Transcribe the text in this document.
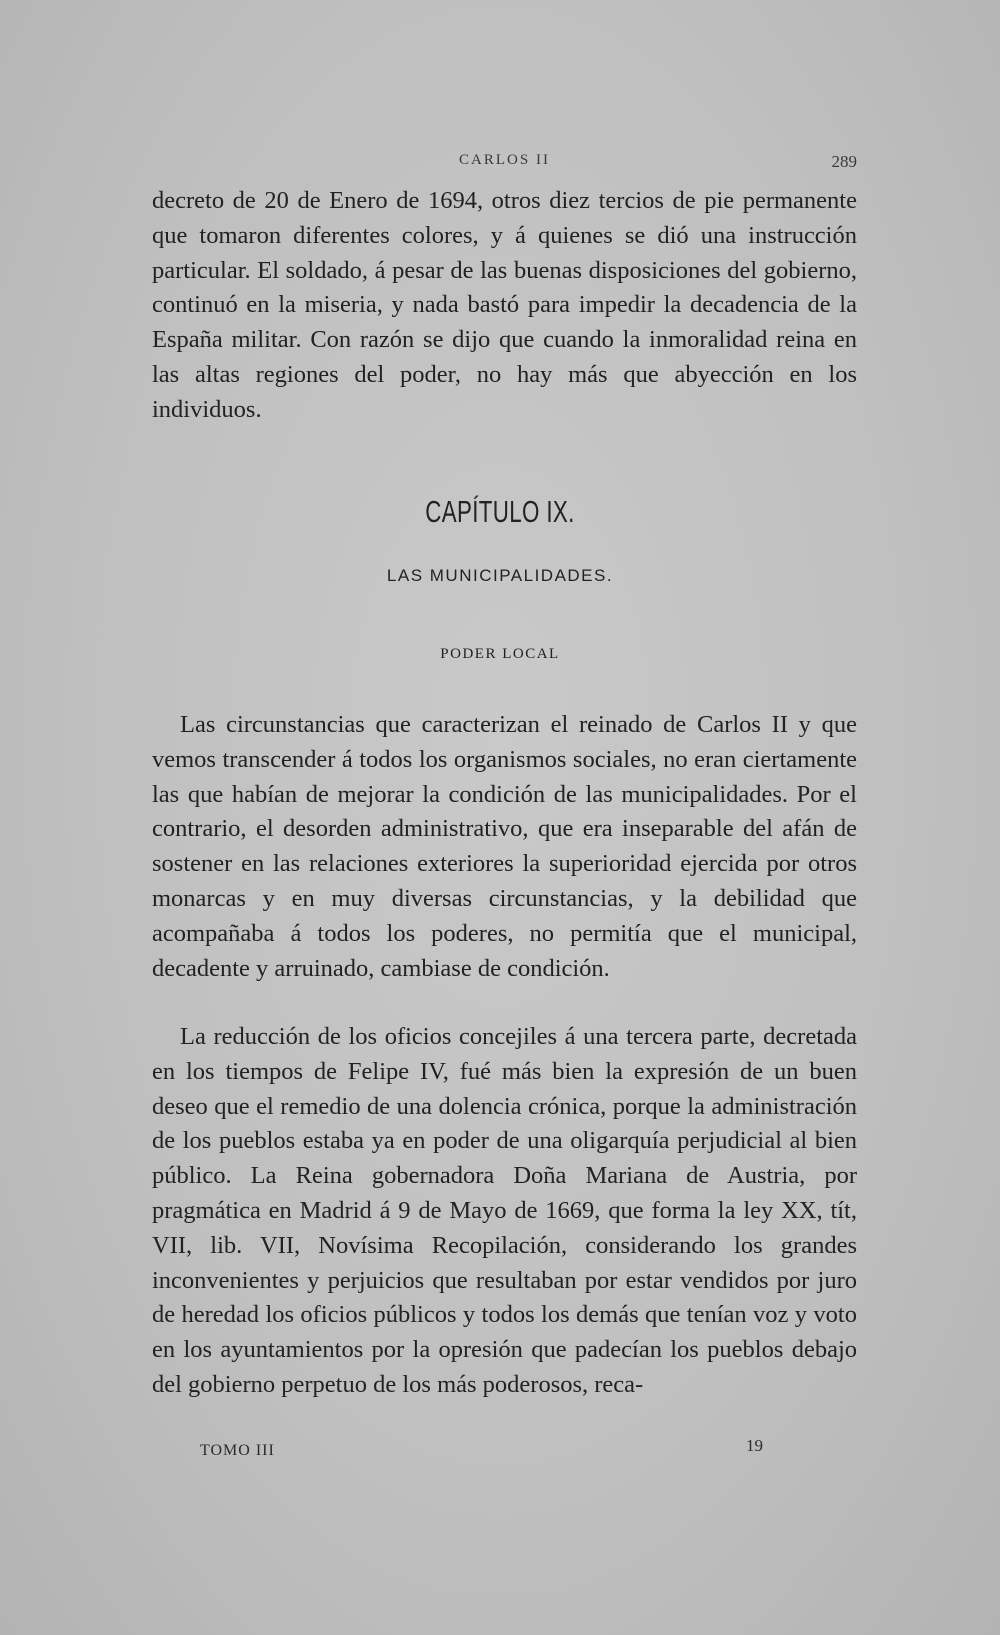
CARLOS II	289

decreto de 20 de Enero de 1694, otros diez tercios de pie permanente que tomaron diferentes colores, y á quienes se dió una instrucción particular. El soldado, á pesar de las buenas disposiciones del gobierno, continuó en la miseria, y nada bastó para impedir la decadencia de la España militar. Con razón se dijo que cuando la inmoralidad reina en las altas regiones del poder, no hay más que abyección en los individuos.

CAPÍTULO IX.
LAS MUNICIPALIDADES.
PODER LOCAL

Las circunstancias que caracterizan el reinado de Carlos II y que vemos transcender á todos los organismos sociales, no eran ciertamente las que habían de mejorar la condición de las municipalidades. Por el contrario, el desorden administrativo, que era inseparable del afán de sostener en las relaciones exteriores la superioridad ejercida por otros monarcas y en muy diversas circunstancias, y la debilidad que acompañaba á todos los poderes, no permitía que el municipal, decadente y arruinado, cambiase de condición.

La reducción de los oficios concejiles á una tercera parte, decretada en los tiempos de Felipe IV, fué más bien la expresión de un buen deseo que el remedio de una dolencia crónica, porque la administración de los pueblos estaba ya en poder de una oligarquía perjudicial al bien público. La Reina gobernadora Doña Mariana de Austria, por pragmática en Madrid á 9 de Mayo de 1669, que forma la ley XX, tít, VII, lib. VII, Novísima Recopilación, considerando los grandes inconvenientes y perjuicios que resultaban por estar vendidos por juro de heredad los oficios públicos y todos los demás que tenían voz y voto en los ayuntamientos por la opresión que padecían los pueblos debajo del gobierno perpetuo de los más poderosos, reca-

TOMO III	19
